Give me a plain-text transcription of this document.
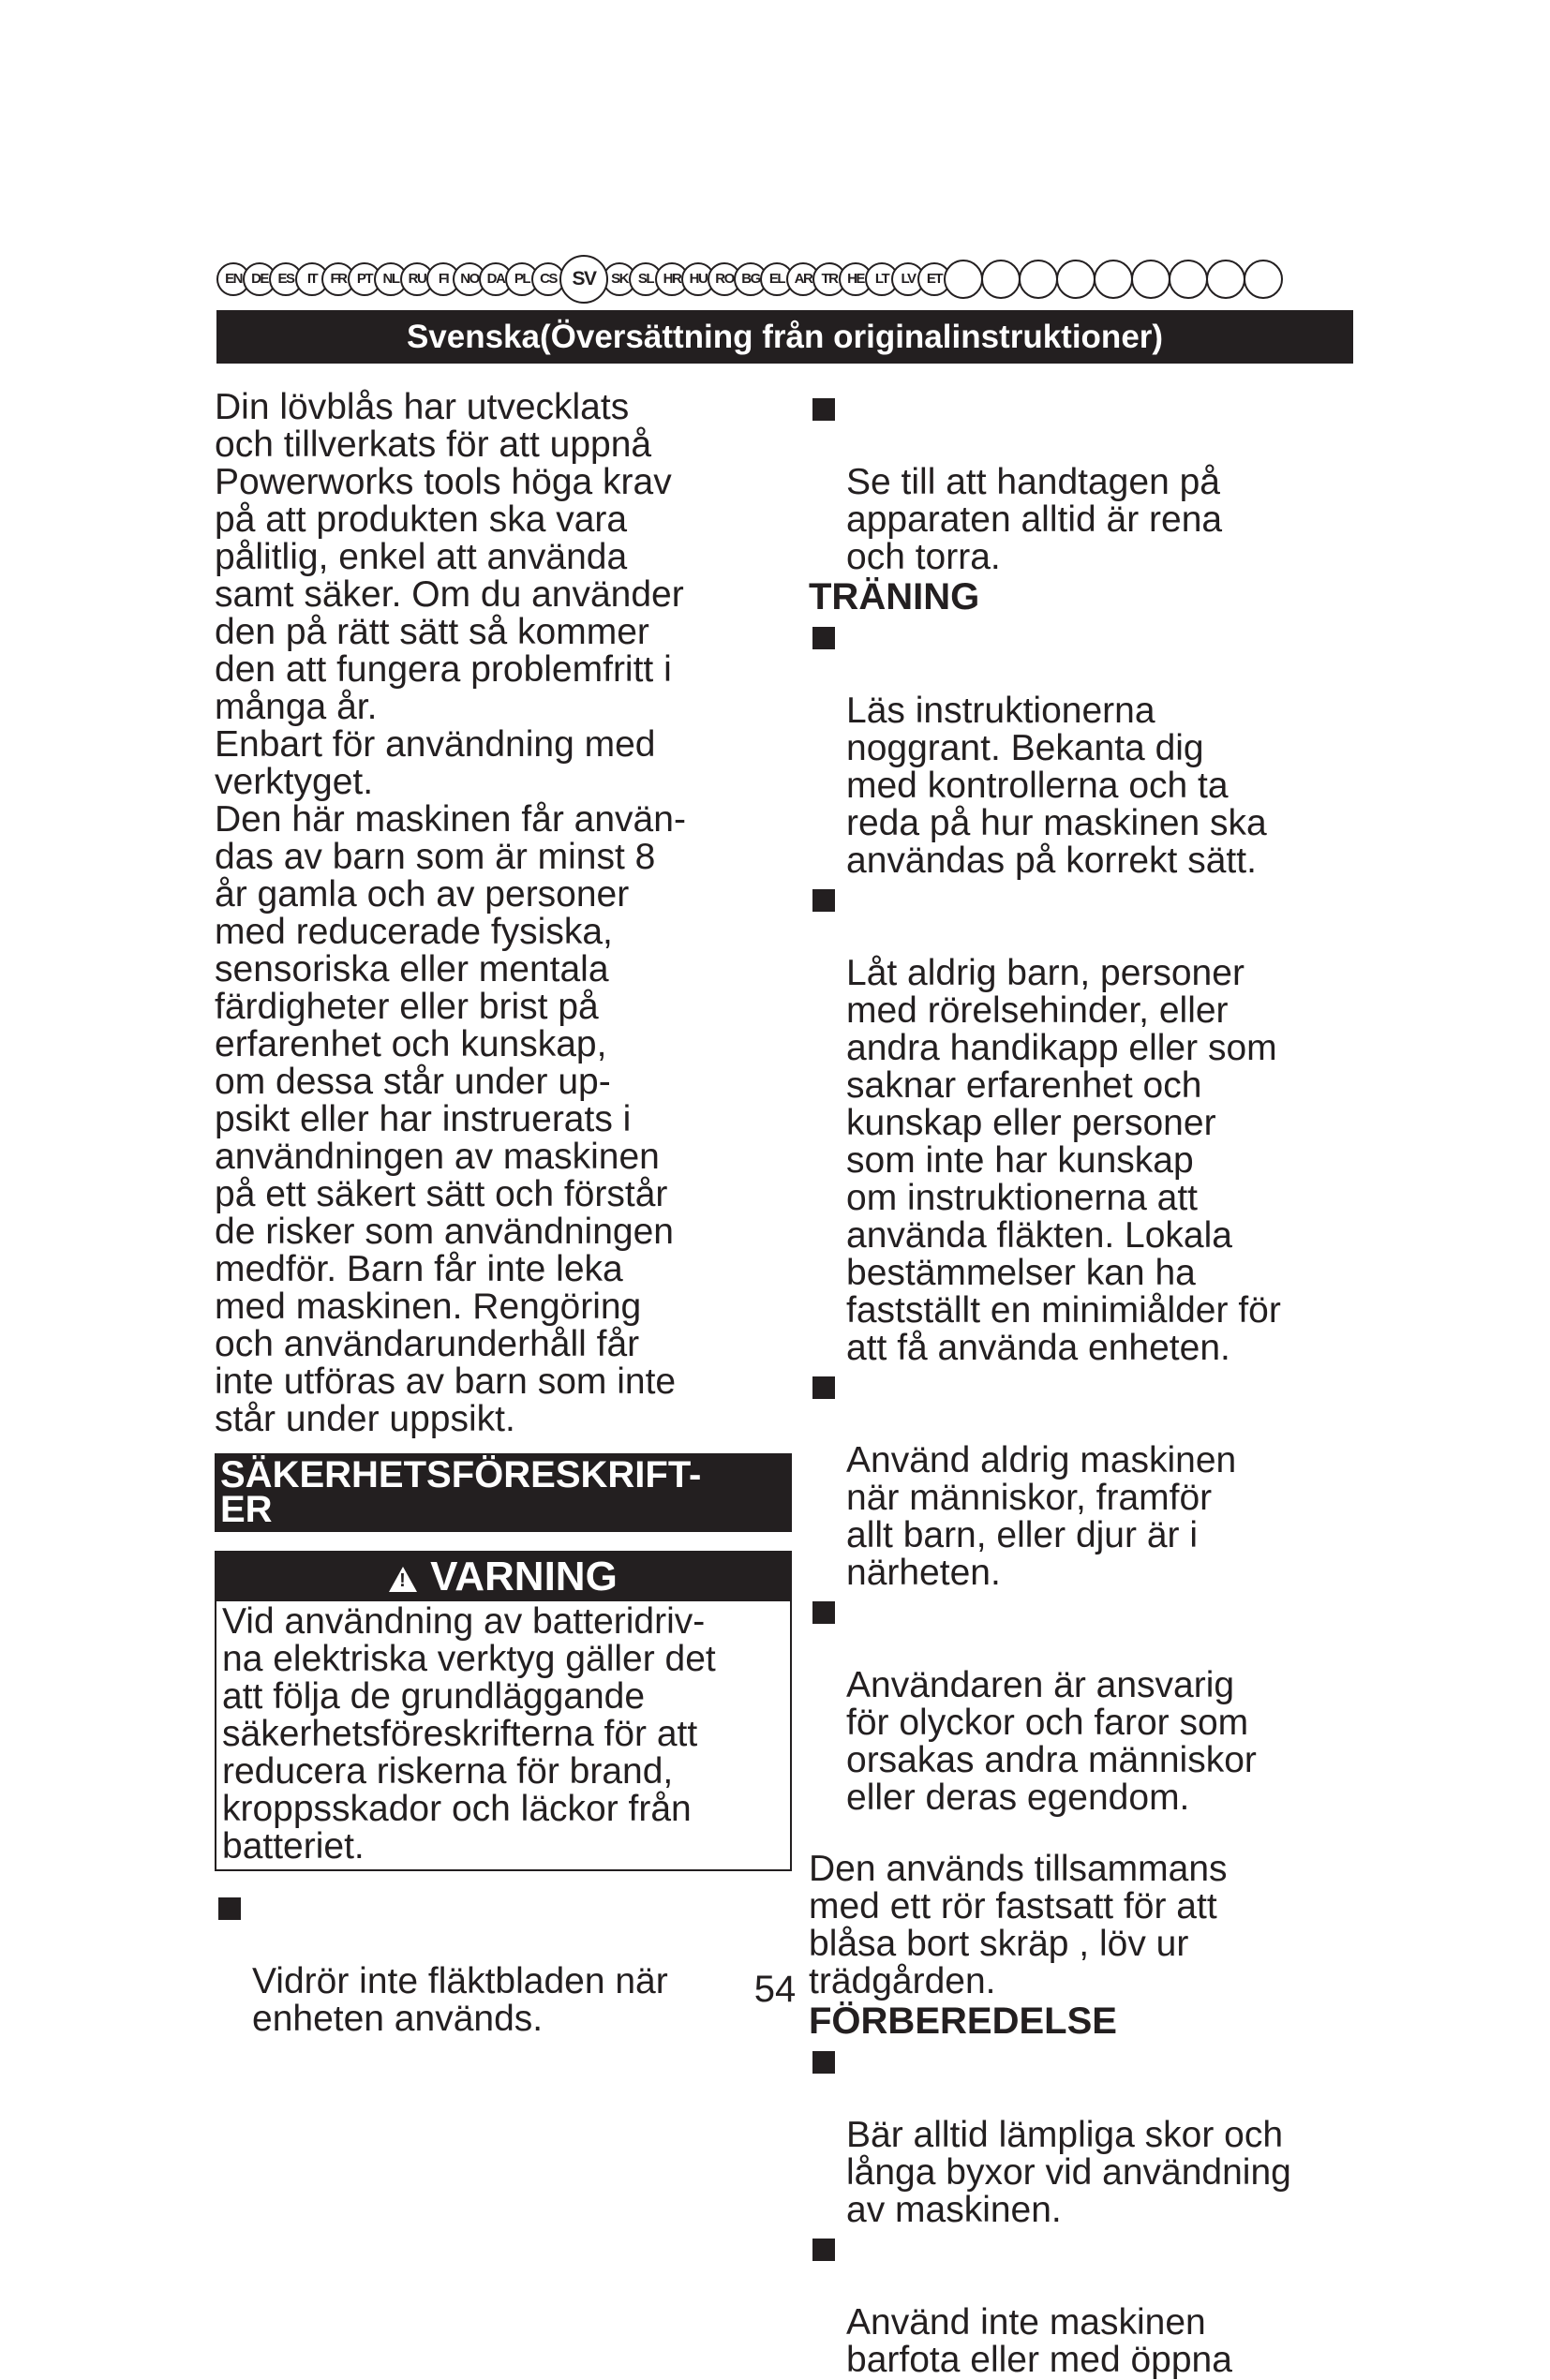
EN DE ES IT FR PT NL RU FI NO DA PL CS SV	SK SL HR HU RO BG EL AR TR HE LT LV ET
Svenska(Översättning från originalinstruktioner)

Din lövblås har utvecklats
och tillverkats för att uppnå
Powerworks tools höga krav
på att produkten ska vara
pålitlig, enkel att använda
samt säker. Om du använder
den på rätt sätt så kommer
den att fungera problemfritt i
många år.
Enbart för användning med
verktyget.
Den här maskinen får använ-
das av barn som är minst 8
år gamla och av personer
med reducerade fysiska,
sensoriska eller mentala
färdigheter eller brist på
erfarenhet och kunskap,
om dessa står under up-
psikt eller har instruerats i
användningen av maskinen
på ett säkert sätt och förstår
de risker som användningen
medför. Barn får inte leka
med maskinen. Rengöring
och användarunderhåll får
inte utföras av barn som inte
står under uppsikt.

SÄKERHETSFÖRESKRIFT-
ER
!
VARNING

Vid användning av batteridriv-
na elektriska verktyg gäller det
att följa de grundläggande
säkerhetsföreskrifterna för att
reducera riskerna för brand,
kroppsskador och läckor från
batteriet.

Vidrör inte fläktbladen när
enheten används.

Se till att handtagen på
apparaten alltid är rena
och torra.

TRÄNING

Läs instruktionerna
noggrant. Bekanta dig
med kontrollerna och ta
reda på hur maskinen ska
användas på korrekt sätt.

Låt aldrig barn, personer
med rörelsehinder, eller
andra handikapp eller som
saknar erfarenhet och
kunskap eller personer
som inte har kunskap
om instruktionerna att
använda fläkten. Lokala
bestämmelser kan ha
fastställt en minimiålder för
att få använda enheten.

Använd aldrig maskinen
när människor, framför
allt barn, eller djur är i
närheten.

Användaren är ansvarig
för olyckor och faror som
orsakas andra människor
eller deras egendom.

Den används tillsammans
med ett rör fastsatt för att
blåsa bort skräp , löv ur
trädgården.

FÖRBEREDELSE

Bär alltid lämpliga skor och
långa byxor vid användning
av maskinen.

Använd inte maskinen
barfota eller med öppna

54
